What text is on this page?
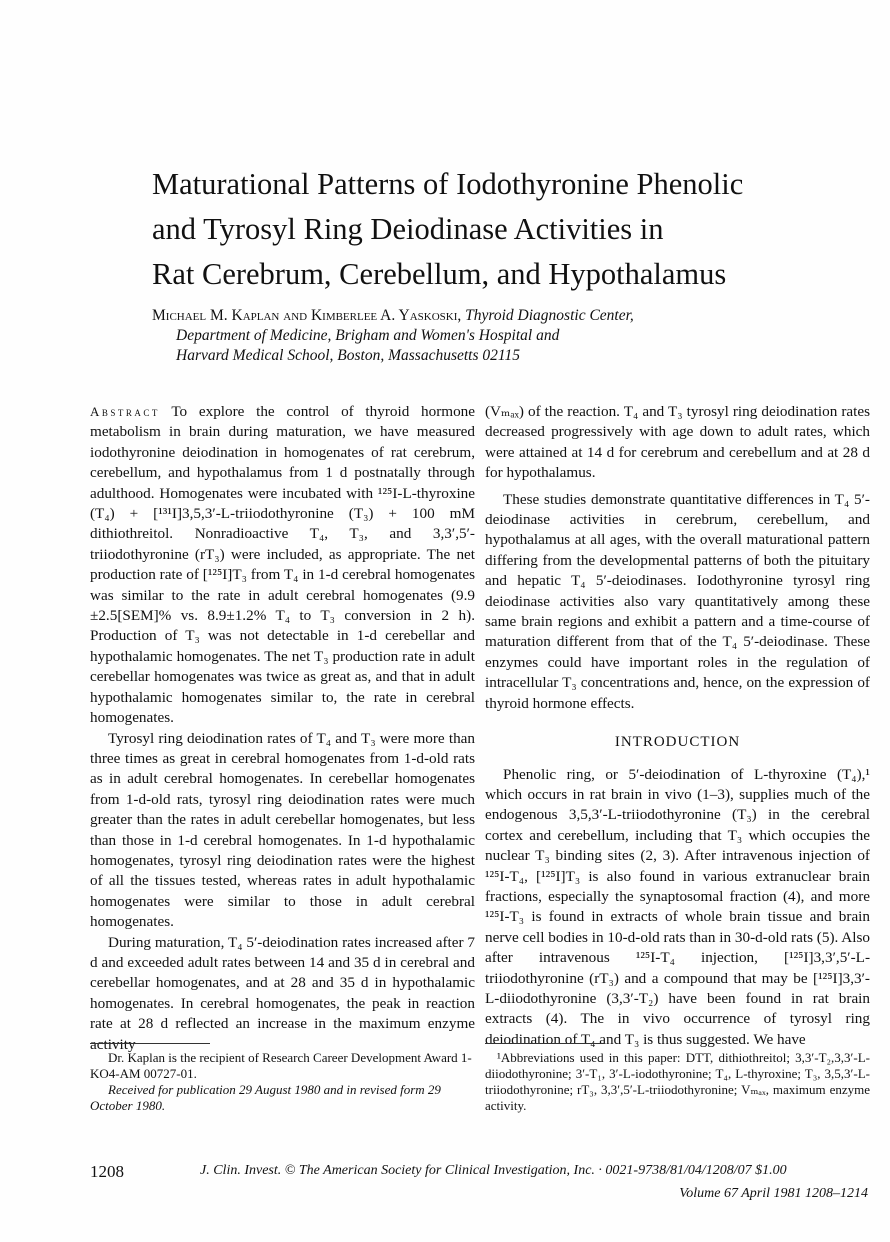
Maturational Patterns of Iodothyronine Phenolic
and Tyrosyl Ring Deiodinase Activities in
Rat Cerebrum, Cerebellum, and Hypothalamus
Michael M. Kaplan and Kimberlee A. Yaskoski, Thyroid Diagnostic Center,
Department of Medicine, Brigham and Women's Hospital and
Harvard Medical School, Boston, Massachusetts 02115

Abstract To explore the control of thyroid hormone metabolism in brain during maturation, we have measured iodothyronine deiodination in homogenates of rat cerebrum, cerebellum, and hypothalamus from 1 d postnatally through adulthood. Homogenates were incubated with ¹²⁵I-L-thyroxine (T₄) + [¹³¹I]3,5,3′-L-triiodothyronine (T₃) + 100 mM dithiothreitol. Nonradioactive T₄, T₃, and 3,3′,5′-triiodothyronine (rT₃) were included, as appropriate. The net production rate of [¹²⁵I]T₃ from T₄ in 1-d cerebral homogenates was similar to the rate in adult cerebral homogenates (9.9 ±2.5[SEM]% vs. 8.9±1.2% T₄ to T₃ conversion in 2 h). Production of T₃ was not detectable in 1-d cerebellar and hypothalamic homogenates. The net T₃ production rate in adult cerebellar homogenates was twice as great as, and that in adult hypothalamic homogenates similar to, the rate in cerebral homogenates.

Tyrosyl ring deiodination rates of T₄ and T₃ were more than three times as great in cerebral homogenates from 1-d-old rats as in adult cerebral homogenates. In cerebellar homogenates from 1-d-old rats, tyrosyl ring deiodination rates were much greater than the rates in adult cerebellar homogenates, but less than those in 1-d cerebral homogenates. In 1-d hypothalamic homogenates, tyrosyl ring deiodination rates were the highest of all the tissues tested, whereas rates in adult hypothalamic homogenates were similar to those in adult cerebral homogenates.

During maturation, T₄ 5′-deiodination rates increased after 7 d and exceeded adult rates between 14 and 35 d in cerebral and cerebellar homogenates, and at 28 and 35 d in hypothalamic homogenates. In cerebral homogenates, the peak in reaction rate at 28 d reflected an increase in the maximum enzyme activity

(Vₘₐₓ) of the reaction. T₄ and T₃ tyrosyl ring deiodination rates decreased progressively with age down to adult rates, which were attained at 14 d for cerebrum and cerebellum and at 28 d for hypothalamus.

These studies demonstrate quantitative differences in T₄ 5′-deiodinase activities in cerebrum, cerebellum, and hypothalamus at all ages, with the overall maturational pattern differing from the developmental patterns of both the pituitary and hepatic T₄ 5′-deiodinases. Iodothyronine tyrosyl ring deiodinase activities also vary quantitatively among these same brain regions and exhibit a pattern and a time-course of maturation different from that of the T₄ 5′-deiodinase. These enzymes could have important roles in the regulation of intracellular T₃ concentrations and, hence, on the expression of thyroid hormone effects.

INTRODUCTION

Phenolic ring, or 5′-deiodination of L-thyroxine (T₄),¹ which occurs in rat brain in vivo (1–3), supplies much of the endogenous 3,5,3′-L-triiodothyronine (T₃) in the cerebral cortex and cerebellum, including that T₃ which occupies the nuclear T₃ binding sites (2, 3). After intravenous injection of ¹²⁵I-T₄, [¹²⁵I]T₃ is also found in various extranuclear brain fractions, especially the synaptosomal fraction (4), and more ¹²⁵I-T₃ is found in extracts of whole brain tissue and brain nerve cell bodies in 10-d-old rats than in 30-d-old rats (5). Also after intravenous ¹²⁵I-T₄ injection, [¹²⁵I]3,3′,5′-L-triiodothyronine (rT₃) and a compound that may be [¹²⁵I]3,3′-L-diiodothyronine (3,3′-T₂) have been found in rat brain extracts (4). The in vivo occurrence of tyrosyl ring deiodination of T₄ and T₃ is thus suggested. We have

Dr. Kaplan is the recipient of Research Career Development Award 1-KO4-AM 00727-01.

Received for publication 29 August 1980 and in revised form 29 October 1980.

¹Abbreviations used in this paper: DTT, dithiothreitol; 3,3′-T₂,3,3′-L-diiodothyronine; 3′-T₁, 3′-L-iodothyronine; T₄, L-thyroxine; T₃, 3,5,3′-L-triiodothyronine; rT₃, 3,3′,5′-L-triiodothyronine; Vₘₐₓ, maximum enzyme activity.

1208	J. Clin. Invest. © The American Society for Clinical Investigation, Inc. · 0021-9738/81/04/1208/07 $1.00
Volume 67 April 1981 1208–1214
